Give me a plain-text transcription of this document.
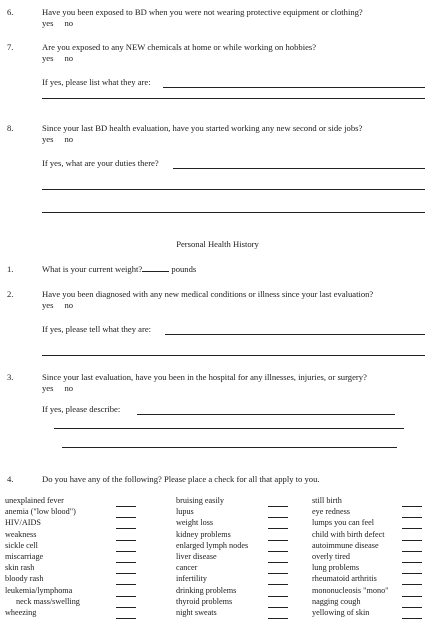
6.	Have you been exposed to BD when you were not wearing protective equipment or clothing?
yes no
7.	Are you exposed to any NEW chemicals at home or while working on hobbies?
yes no
If yes, please list what they are:
8.	Since your last BD health evaluation, have you started working any new second or side jobs?
yes no
If yes, what are your duties there?
Personal Health History
1.	What is your current weight?	pounds
2.	Have you been diagnosed with any new medical conditions or illness since your last evaluation?
yes no
If yes, please tell what they are:
3.	Since your last evaluation, have you been in the hospital for any illnesses, injuries, or surgery?
yes no
If yes, please describe:
4.	Do you have any of the following? Please place a check for all that apply to you.
unexplained fever
anemia ("low blood")
HIV/AIDS
weakness
sickle cell
miscarriage
skin rash
bloody rash
leukemia/lymphoma
neck mass/swelling
wheezing
bruising easily
lupus
weight loss
kidney problems
enlarged lymph nodes
liver disease
cancer
infertility
drinking problems
thyroid problems
night sweats
still birth
eye redness
lumps you can feel
child with birth defect
autoimmune disease
overly tired
lung problems
rheumatoid arthritis
mononucleosis "mono"
nagging cough
yellowing of skin
